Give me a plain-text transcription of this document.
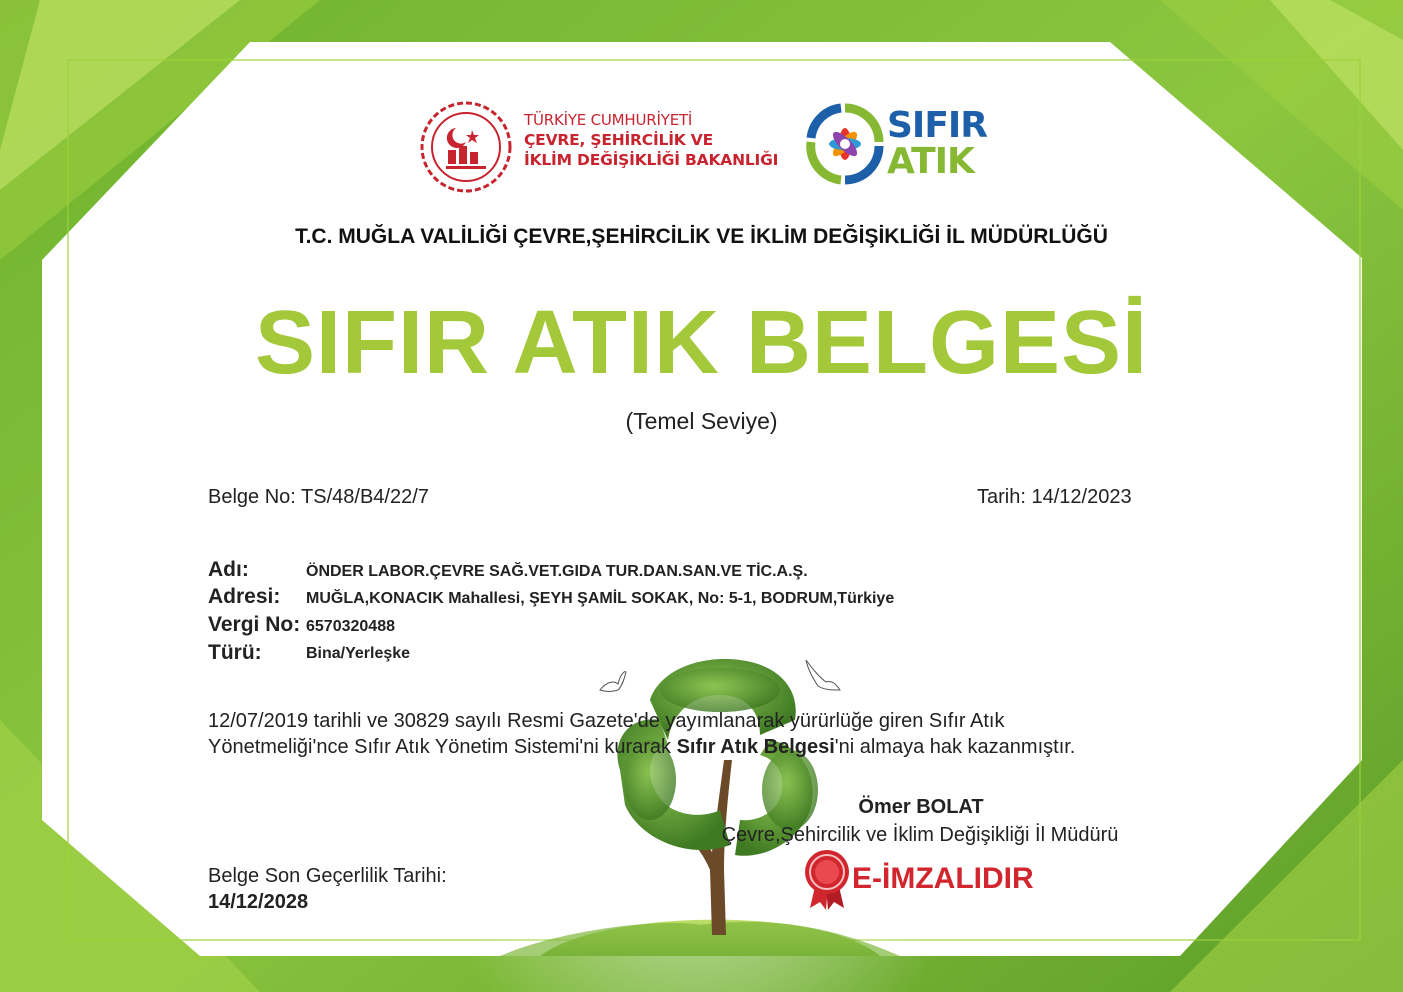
TÜRKİYE CUMHURİYETİ
ÇEVRE, ŞEHİRCİLİK VE
İKLİM DEĞİŞİKLİĞİ BAKANLIĞI
SIFIR
ATIK
T.C. MUĞLA VALİLİĞİ ÇEVRE,ŞEHİRCİLİK VE İKLİM DEĞİŞİKLİĞİ İL MÜDÜRLÜĞÜ
SIFIR ATIK BELGESİ
(Temel Seviye)
Belge No: TS/48/B4/22/7	Tarih: 14/12/2023
Adı:	ÖNDER LABOR.ÇEVRE SAĞ.VET.GIDA TUR.DAN.SAN.VE TİC.A.Ş.
Adresi: MUĞLA,KONACIK Mahallesi, ŞEYH ŞAMİL SOKAK, No: 5-1, BODRUM,Türkiye
Vergi No: 6570320488
Türü:	Bina/Yerleşke
12/07/2019 tarihli ve 30829 sayılı Resmi Gazete'de yayımlanarak yürürlüğe giren Sıfır Atık
Yönetmeliği'nce Sıfır Atık Yönetim Sistemi'ni kurarak Sıfır Atık Belgesi'ni almaya hak kazanmıştır.
Ömer BOLAT
Çevre,Şehircilik ve İklim Değişikliği İl Müdürü
E-İMZALIDIR
Belge Son Geçerlilik Tarihi:
14/12/2028
